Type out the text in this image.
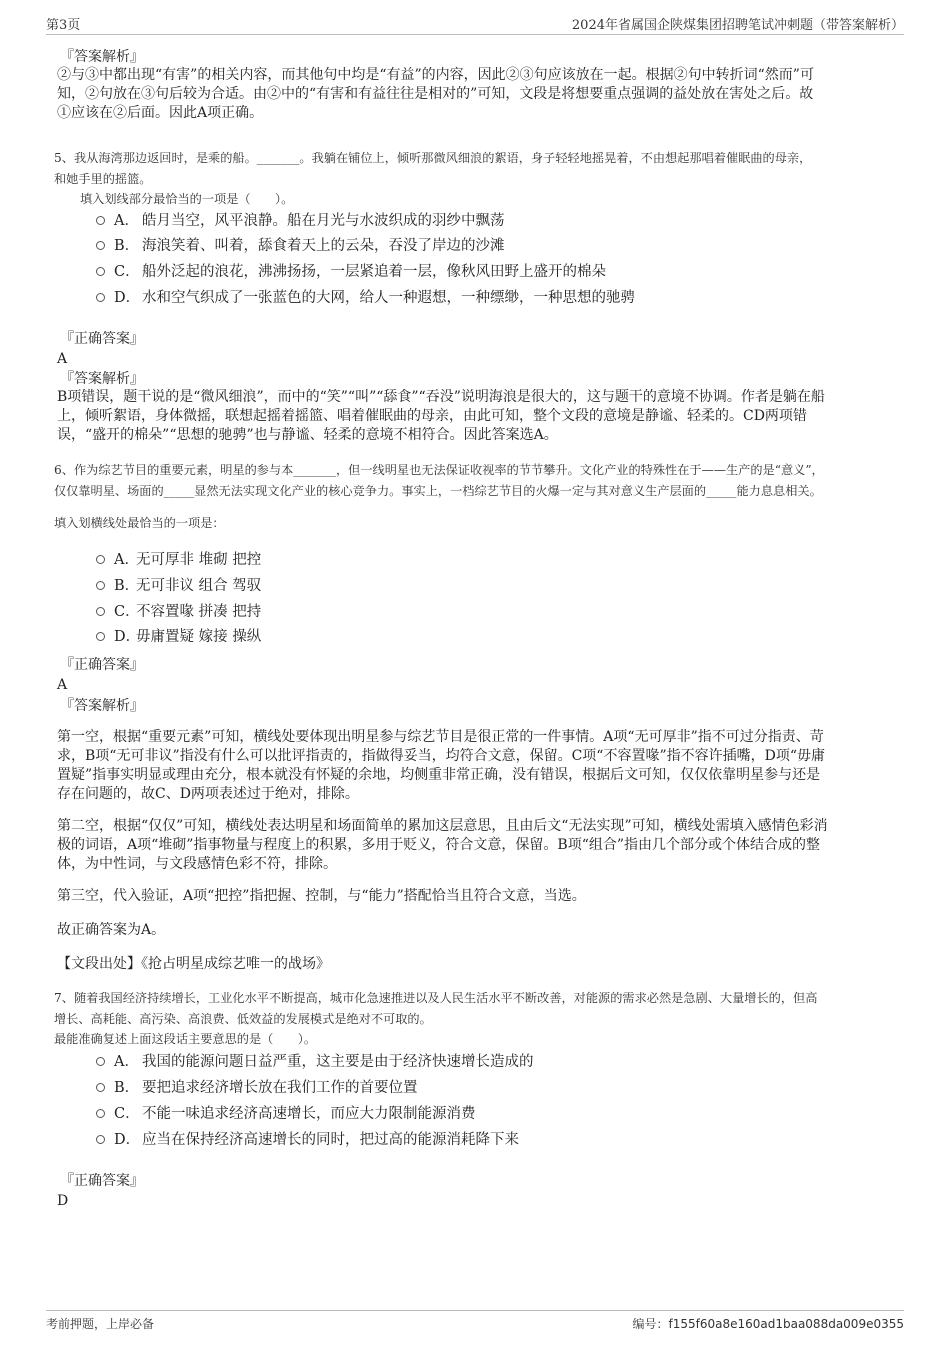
第3页	2024年省属国企陕煤集团招聘笔试冲刺题（带答案解析）
『答案解析』

②与③中都出现“有害”的相关内容，而其他句中均是“有益”的内容，因此②③句应该放在一起。根据②句中转折词“然而”可

知，②句放在③句后较为合适。由②中的“有害和有益往往是相对的”可知，文段是将想要重点强调的益处放在害处之后。故

①应该在②后面。因此A项正确。

5、我从海湾那边返回时，是乘的船。_______。我躺在铺位上，倾听那微风细浪的絮语，身子轻轻地摇晃着，不由想起那唱着催眠曲的母亲，

和她手里的摇篮。

填入划线部分最恰当的一项是（　　）。
A． 皓月当空，风平浪静。船在月光与水波织成的羽纱中飘荡
B． 海浪笑着、叫着，舔食着天上的云朵，吞没了岸边的沙滩
C． 船外泛起的浪花，沸沸扬扬，一层紧追着一层，像秋风田野上盛开的棉朵
D． 水和空气织成了一张蓝色的大网，给人一种遐想，一种缥缈，一种思想的驰骋
『正确答案』
A
『答案解析』

B项错误，题干说的是“微风细浪”，而中的“笑”“叫”“舔食”“吞没”说明海浪是很大的，这与题干的意境不协调。作者是躺在船

上，倾听絮语，身体微摇，联想起摇着摇篮、唱着催眠曲的母亲，由此可知，整个文段的意境是静谧、轻柔的。CD两项错

误，“盛开的棉朵”“思想的驰骋”也与静谧、轻柔的意境不相符合。因此答案选A。

6、作为综艺节目的重要元素，明星的参与本_______，但一线明星也无法保证收视率的节节攀升。文化产业的特殊性在于——生产的是“意义”，

仅仅靠明星、场面的_____显然无法实现文化产业的核心竞争力。事实上，一档综艺节目的火爆一定与其对意义生产层面的_____能力息息相关。

填入划横线处最恰当的一项是：
A．无可厚非 堆砌 把控
B．无可非议 组合 驾驭
C．不容置喙 拼凑 把持
D．毋庸置疑 嫁接 操纵
『正确答案』
A
『答案解析』

第一空，根据“重要元素”可知，横线处要体现出明星参与综艺节目是很正常的一件事情。A项“无可厚非”指不可过分指责、苛

求，B项“无可非议”指没有什么可以批评指责的，指做得妥当，均符合文意，保留。C项“不容置喙”指不容许插嘴，D项“毋庸

置疑”指事实明显或理由充分，根本就没有怀疑的余地，均侧重非常正确，没有错误，根据后文可知，仅仅依靠明星参与还是

存在问题的，故C、D两项表述过于绝对，排除。

第二空，根据“仅仅”可知，横线处表达明星和场面简单的累加这层意思，且由后文“无法实现”可知，横线处需填入感情色彩消

极的词语，A项“堆砌”指事物量与程度上的积累，多用于贬义，符合文意，保留。B项“组合”指由几个部分或个体结合成的整

体，为中性词，与文段感情色彩不符，排除。

第三空，代入验证，A项“把控”指把握、控制，与“能力”搭配恰当且符合文意，当选。
故正确答案为A。
【文段出处】《抢占明星成综艺唯一的战场》

7、随着我国经济持续增长，工业化水平不断提高，城市化急速推进以及人民生活水平不断改善，对能源的需求必然是急剧、大量增长的，但高

增长、高耗能、高污染、高浪费、低效益的发展模式是绝对不可取的。

最能准确复述上面这段话主要意思的是（　　）。
A． 我国的能源问题日益严重，这主要是由于经济快速增长造成的
B． 要把追求经济增长放在我们工作的首要位置
C． 不能一味追求经济高速增长，而应大力限制能源消费
D． 应当在保持经济高速增长的同时，把过高的能源消耗降下来
『正确答案』
D
考前押题，上岸必备	编号：f155f60a8e160ad1baa088da009e0355
